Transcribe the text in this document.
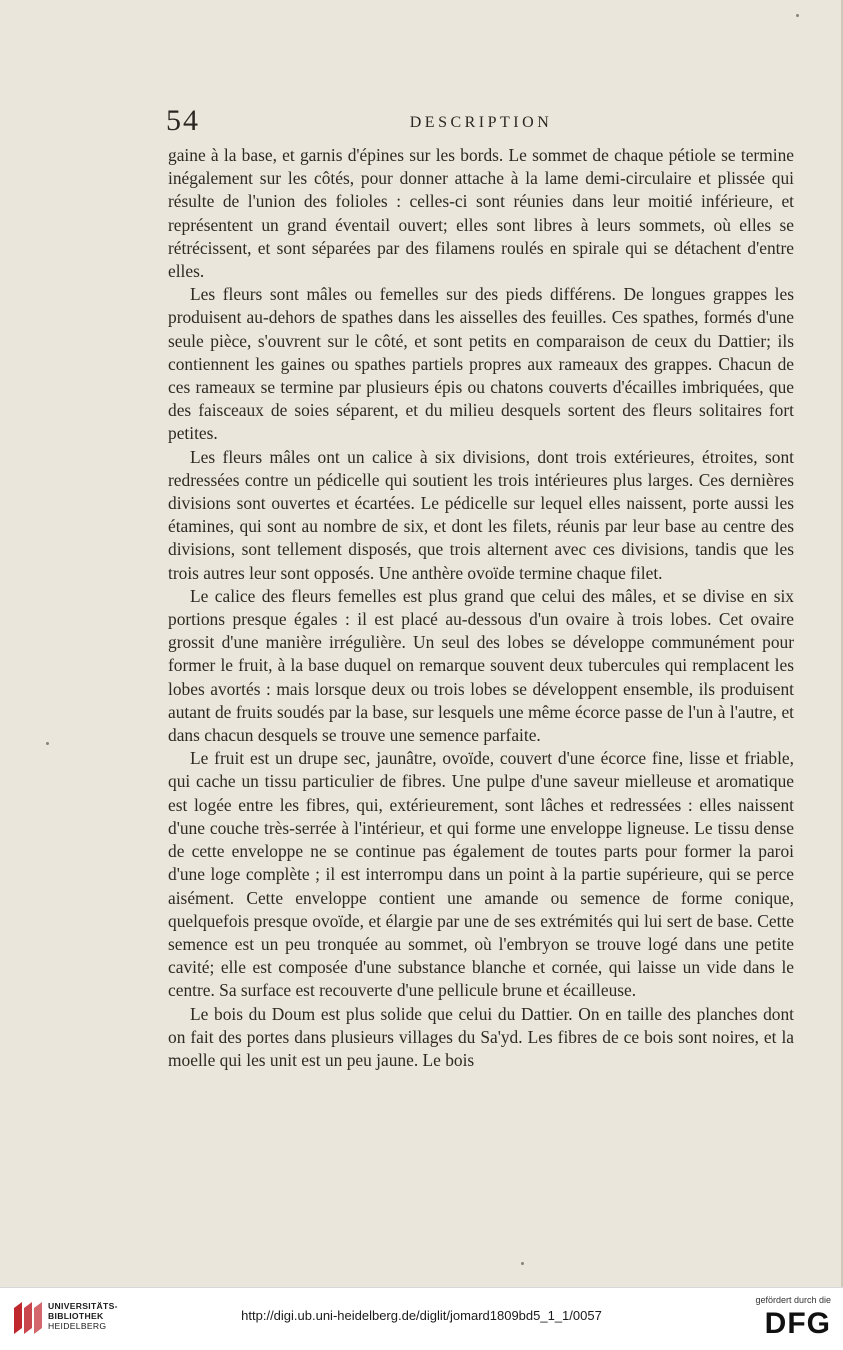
54	DESCRIPTION

gaine à la base, et garnis d'épines sur les bords. Le sommet de chaque pétiole se termine inégalement sur les côtés, pour donner attache à la lame demi-circulaire et plissée qui résulte de l'union des folioles : celles-ci sont réunies dans leur moitié inférieure, et représentent un grand éventail ouvert; elles sont libres à leurs sommets, où elles se rétrécissent, et sont séparées par des filamens roulés en spirale qui se détachent d'entre elles.

Les fleurs sont mâles ou femelles sur des pieds différens. De longues grappes les produisent au-dehors de spathes dans les aisselles des feuilles. Ces spathes, formés d'une seule pièce, s'ouvrent sur le côté, et sont petits en comparaison de ceux du Dattier; ils contiennent les gaines ou spathes partiels propres aux rameaux des grappes. Chacun de ces rameaux se termine par plusieurs épis ou chatons couverts d'écailles imbriquées, que des faisceaux de soies séparent, et du milieu desquels sortent des fleurs solitaires fort petites.

Les fleurs mâles ont un calice à six divisions, dont trois extérieures, étroites, sont redressées contre un pédicelle qui soutient les trois intérieures plus larges. Ces dernières divisions sont ouvertes et écartées. Le pédicelle sur lequel elles naissent, porte aussi les étamines, qui sont au nombre de six, et dont les filets, réunis par leur base au centre des divisions, sont tellement disposés, que trois alternent avec ces divisions, tandis que les trois autres leur sont opposés. Une anthère ovoïde termine chaque filet.

Le calice des fleurs femelles est plus grand que celui des mâles, et se divise en six portions presque égales : il est placé au-dessous d'un ovaire à trois lobes. Cet ovaire grossit d'une manière irrégulière. Un seul des lobes se développe communément pour former le fruit, à la base duquel on remarque souvent deux tubercules qui remplacent les lobes avortés : mais lorsque deux ou trois lobes se développent ensemble, ils produisent autant de fruits soudés par la base, sur lesquels une même écorce passe de l'un à l'autre, et dans chacun desquels se trouve une semence parfaite.

Le fruit est un drupe sec, jaunâtre, ovoïde, couvert d'une écorce fine, lisse et friable, qui cache un tissu particulier de fibres. Une pulpe d'une saveur mielleuse et aromatique est logée entre les fibres, qui, extérieurement, sont lâches et redressées : elles naissent d'une couche très-serrée à l'intérieur, et qui forme une enveloppe ligneuse. Le tissu dense de cette enveloppe ne se continue pas également de toutes parts pour former la paroi d'une loge complète ; il est interrompu dans un point à la partie supérieure, qui se perce aisément. Cette enveloppe contient une amande ou semence de forme conique, quelquefois presque ovoïde, et élargie par une de ses extrémités qui lui sert de base. Cette semence est un peu tronquée au sommet, où l'embryon se trouve logé dans une petite cavité; elle est composée d'une substance blanche et cornée, qui laisse un vide dans le centre. Sa surface est recouverte d'une pellicule brune et écailleuse.

Le bois du Doum est plus solide que celui du Dattier. On en taille des planches dont on fait des portes dans plusieurs villages du Sa'yd. Les fibres de ce bois sont noires, et la moelle qui les unit est un peu jaune. Le bois

UNIVERSITÄTS-
BIBLIOTHEK
HEIDELBERG
http://digi.ub.uni-heidelberg.de/diglit/jomard1809bd5_1_1/0057
gefördert durch die
DFG
